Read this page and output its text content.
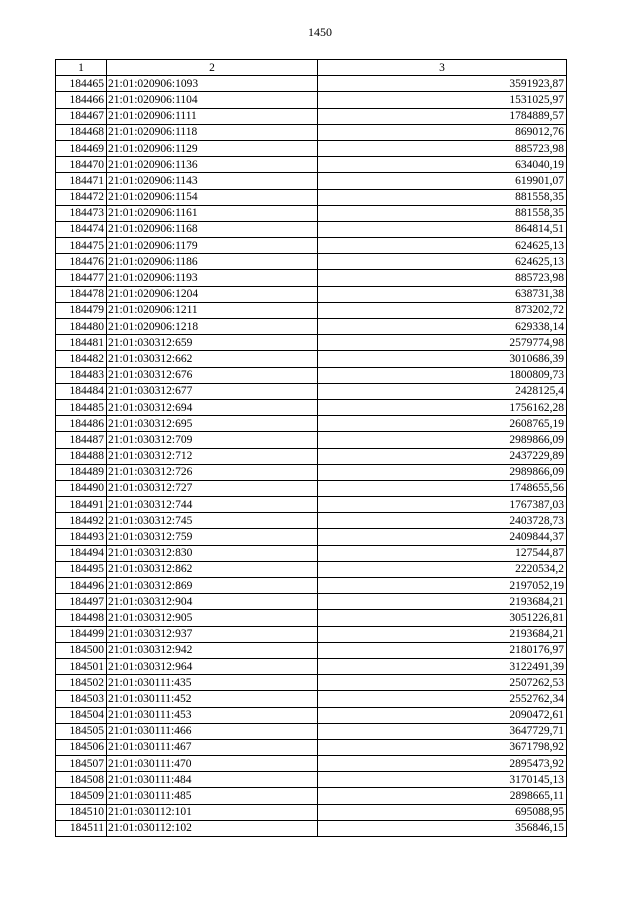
1450
1	2	3
184465	21:01:020906:1093	3591923,87
184466	21:01:020906:1104	1531025,97
184467	21:01:020906:1111	1784889,57
184468	21:01:020906:1118	869012,76
184469	21:01:020906:1129	885723,98
184470	21:01:020906:1136	634040,19
184471	21:01:020906:1143	619901,07
184472	21:01:020906:1154	881558,35
184473	21:01:020906:1161	881558,35
184474	21:01:020906:1168	864814,51
184475	21:01:020906:1179	624625,13
184476	21:01:020906:1186	624625,13
184477	21:01:020906:1193	885723,98
184478	21:01:020906:1204	638731,38
184479	21:01:020906:1211	873202,72
184480	21:01:020906:1218	629338,14
184481	21:01:030312:659	2579774,98
184482	21:01:030312:662	3010686,39
184483	21:01:030312:676	1800809,73
184484	21:01:030312:677	2428125,4
184485	21:01:030312:694	1756162,28
184486	21:01:030312:695	2608765,19
184487	21:01:030312:709	2989866,09
184488	21:01:030312:712	2437229,89
184489	21:01:030312:726	2989866,09
184490	21:01:030312:727	1748655,56
184491	21:01:030312:744	1767387,03
184492	21:01:030312:745	2403728,73
184493	21:01:030312:759	2409844,37
184494	21:01:030312:830	127544,87
184495	21:01:030312:862	2220534,2
184496	21:01:030312:869	2197052,19
184497	21:01:030312:904	2193684,21
184498	21:01:030312:905	3051226,81
184499	21:01:030312:937	2193684,21
184500	21:01:030312:942	2180176,97
184501	21:01:030312:964	3122491,39
184502	21:01:030111:435	2507262,53
184503	21:01:030111:452	2552762,34
184504	21:01:030111:453	2090472,61
184505	21:01:030111:466	3647729,71
184506	21:01:030111:467	3671798,92
184507	21:01:030111:470	2895473,92
184508	21:01:030111:484	3170145,13
184509	21:01:030111:485	2898665,11
184510	21:01:030112:101	695088,95
184511	21:01:030112:102	356846,15
